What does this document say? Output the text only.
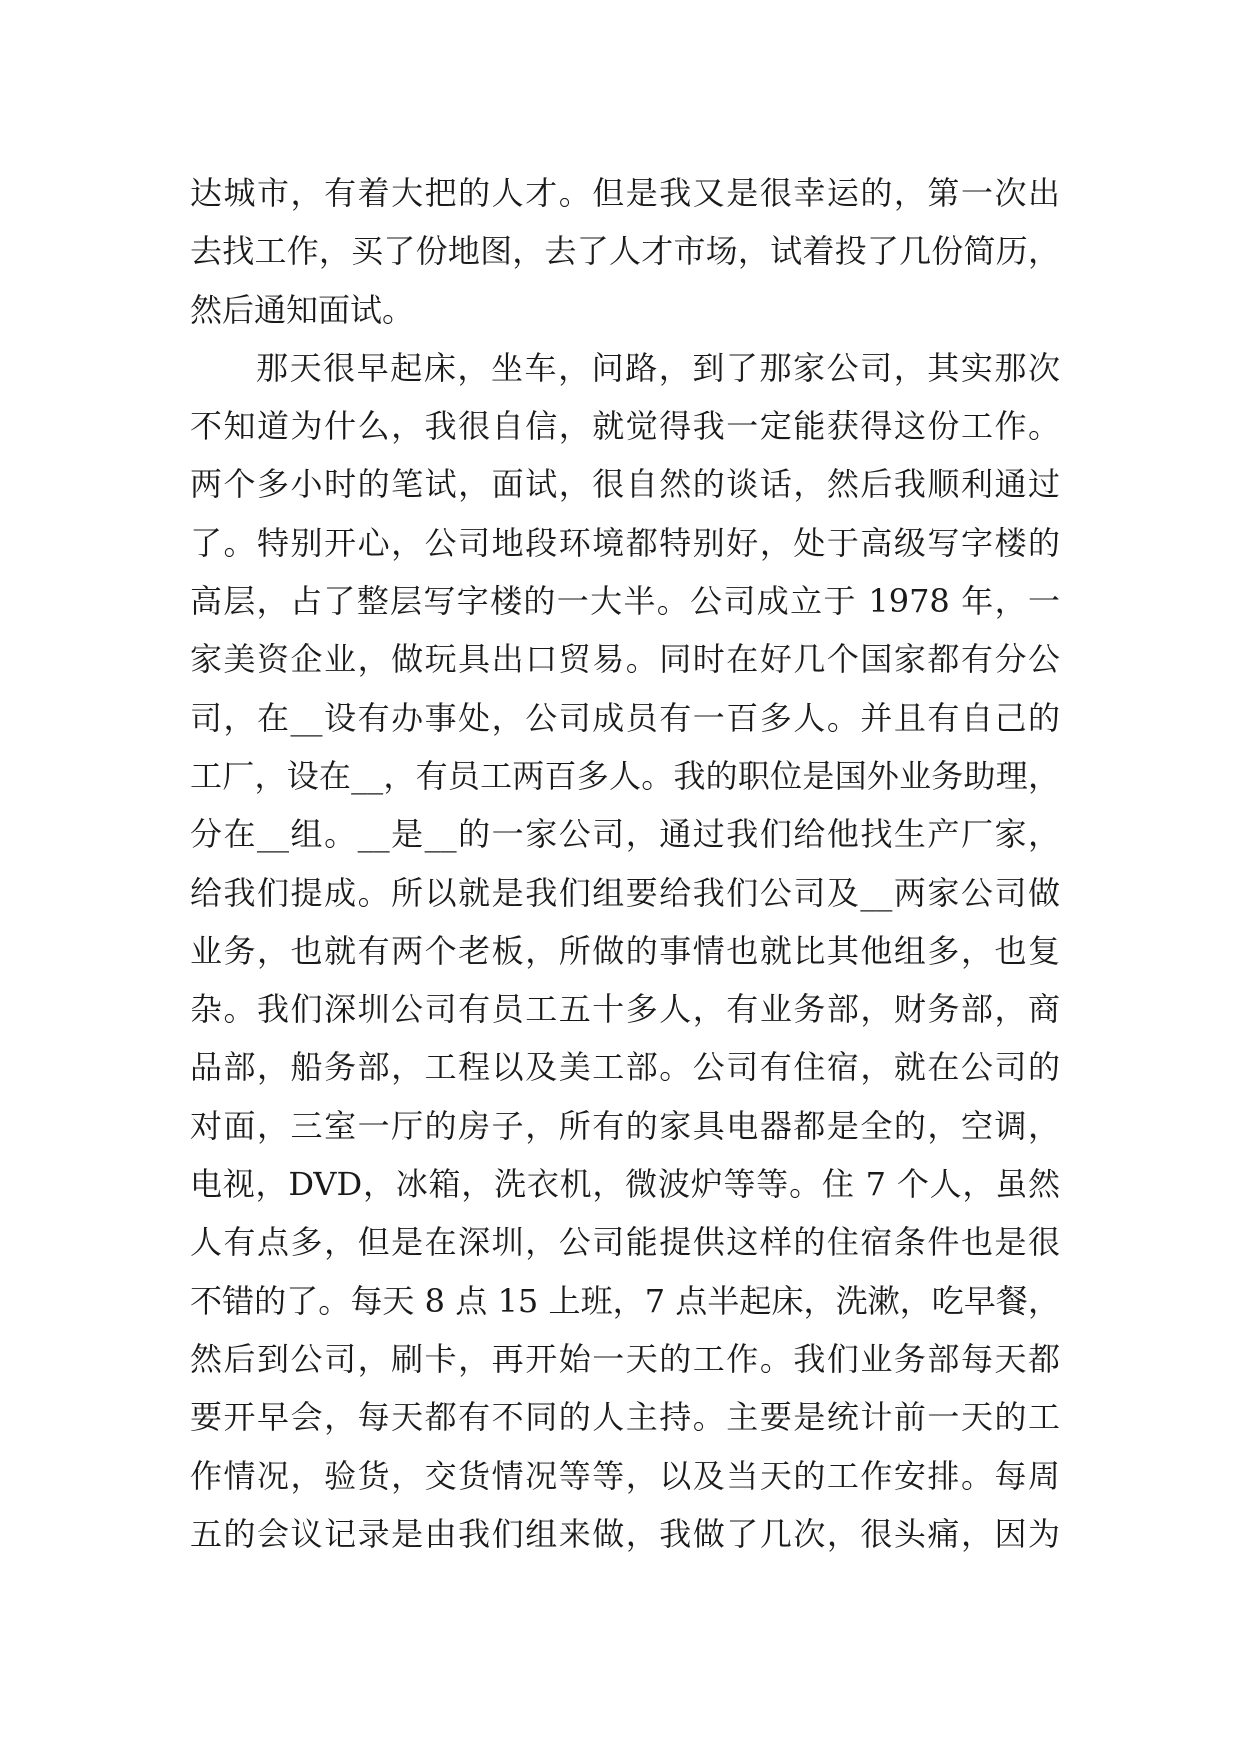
达城市，有着大把的人才。但是我又是很幸运的，第一次出
去找工作，买了份地图，去了人才市场，试着投了几份简历，
然后通知面试。
那天很早起床，坐车，问路，到了那家公司，其实那次
不知道为什么，我很自信，就觉得我一定能获得这份工作。
两个多小时的笔试，面试，很自然的谈话，然后我顺利通过
了。特别开心，公司地段环境都特别好，处于高级写字楼的
高层，占了整层写字楼的一大半。公司成立于 1978 年，一
家美资企业，做玩具出口贸易。同时在好几个国家都有分公
司，在__设有办事处，公司成员有一百多人。并且有自己的
工厂，设在__，有员工两百多人。我的职位是国外业务助理，
分在__组。__是__的一家公司，通过我们给他找生产厂家，
给我们提成。所以就是我们组要给我们公司及__两家公司做
业务，也就有两个老板，所做的事情也就比其他组多，也复
杂。我们深圳公司有员工五十多人，有业务部，财务部，商
品部，船务部，工程以及美工部。公司有住宿，就在公司的
对面，三室一厅的房子，所有的家具电器都是全的，空调，
电视，DVD，冰箱，洗衣机，微波炉等等。住 7 个人，虽然
人有点多，但是在深圳，公司能提供这样的住宿条件也是很
不错的了。每天 8 点 15 上班，7 点半起床，洗漱，吃早餐，
然后到公司，刷卡，再开始一天的工作。我们业务部每天都
要开早会，每天都有不同的人主持。主要是统计前一天的工
作情况，验货，交货情况等等，以及当天的工作安排。每周
五的会议记录是由我们组来做，我做了几次，很头痛，因为
